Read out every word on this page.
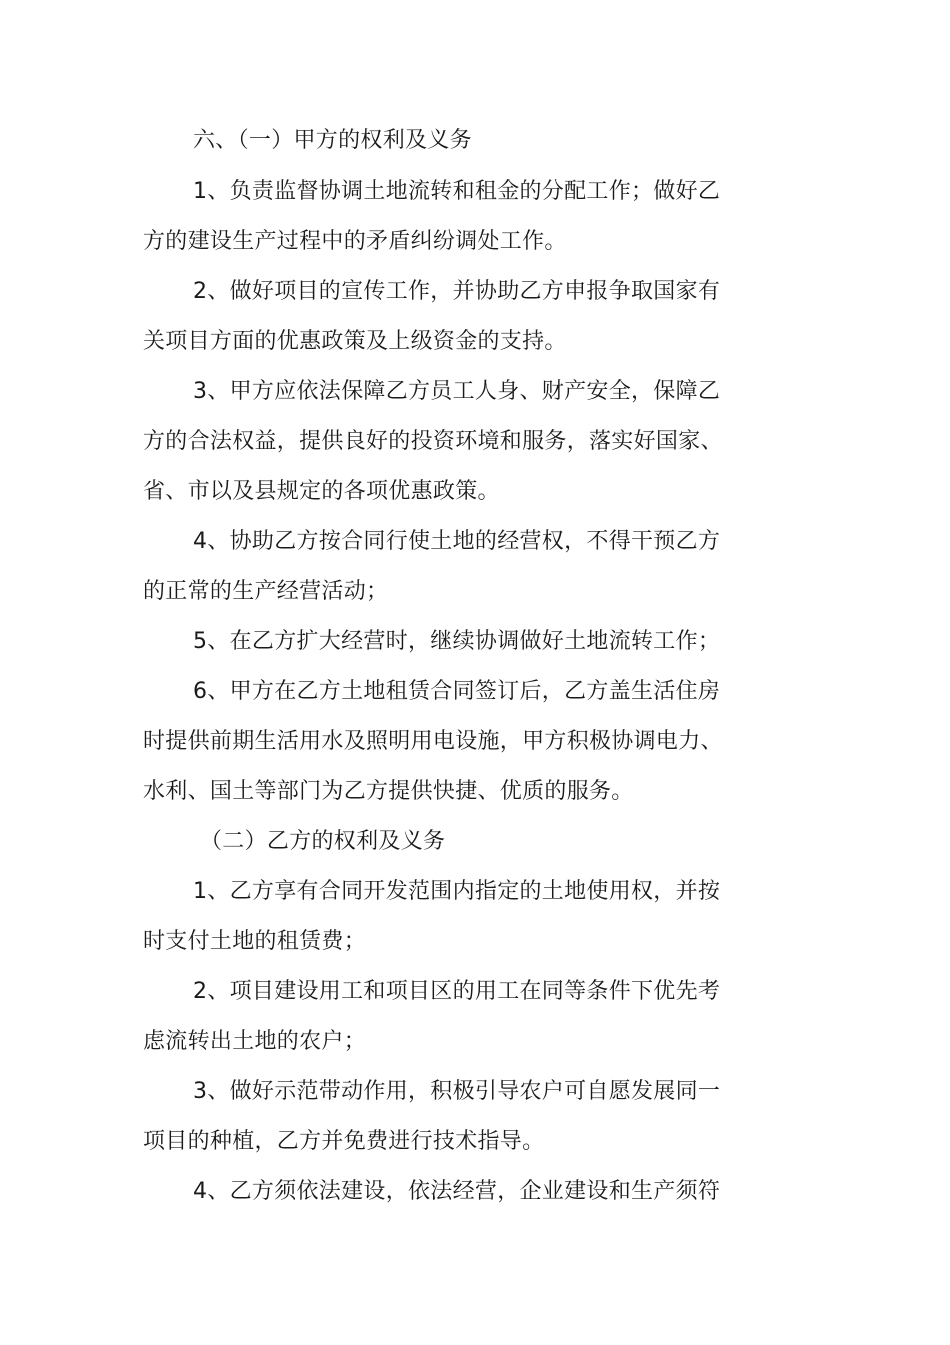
六、（一）甲方的权利及义务
1、负责监督协调土地流转和租金的分配工作；做好乙
方的建设生产过程中的矛盾纠纷调处工作。
2、做好项目的宣传工作，并协助乙方申报争取国家有
关项目方面的优惠政策及上级资金的支持。
3、甲方应依法保障乙方员工人身、财产安全，保障乙
方的合法权益，提供良好的投资环境和服务，落实好国家、
省、市以及县规定的各项优惠政策。
4、协助乙方按合同行使土地的经营权，不得干预乙方
的正常的生产经营活动；
5、在乙方扩大经营时，继续协调做好土地流转工作；
6、甲方在乙方土地租赁合同签订后，乙方盖生活住房
时提供前期生活用水及照明用电设施，甲方积极协调电力、
水利、国土等部门为乙方提供快捷、优质的服务。
（二）乙方的权利及义务
1、乙方享有合同开发范围内指定的土地使用权，并按
时支付土地的租赁费；
2、项目建设用工和项目区的用工在同等条件下优先考
虑流转出土地的农户；
3、做好示范带动作用，积极引导农户可自愿发展同一
项目的种植，乙方并免费进行技术指导。
4、乙方须依法建设，依法经营，企业建设和生产须符
